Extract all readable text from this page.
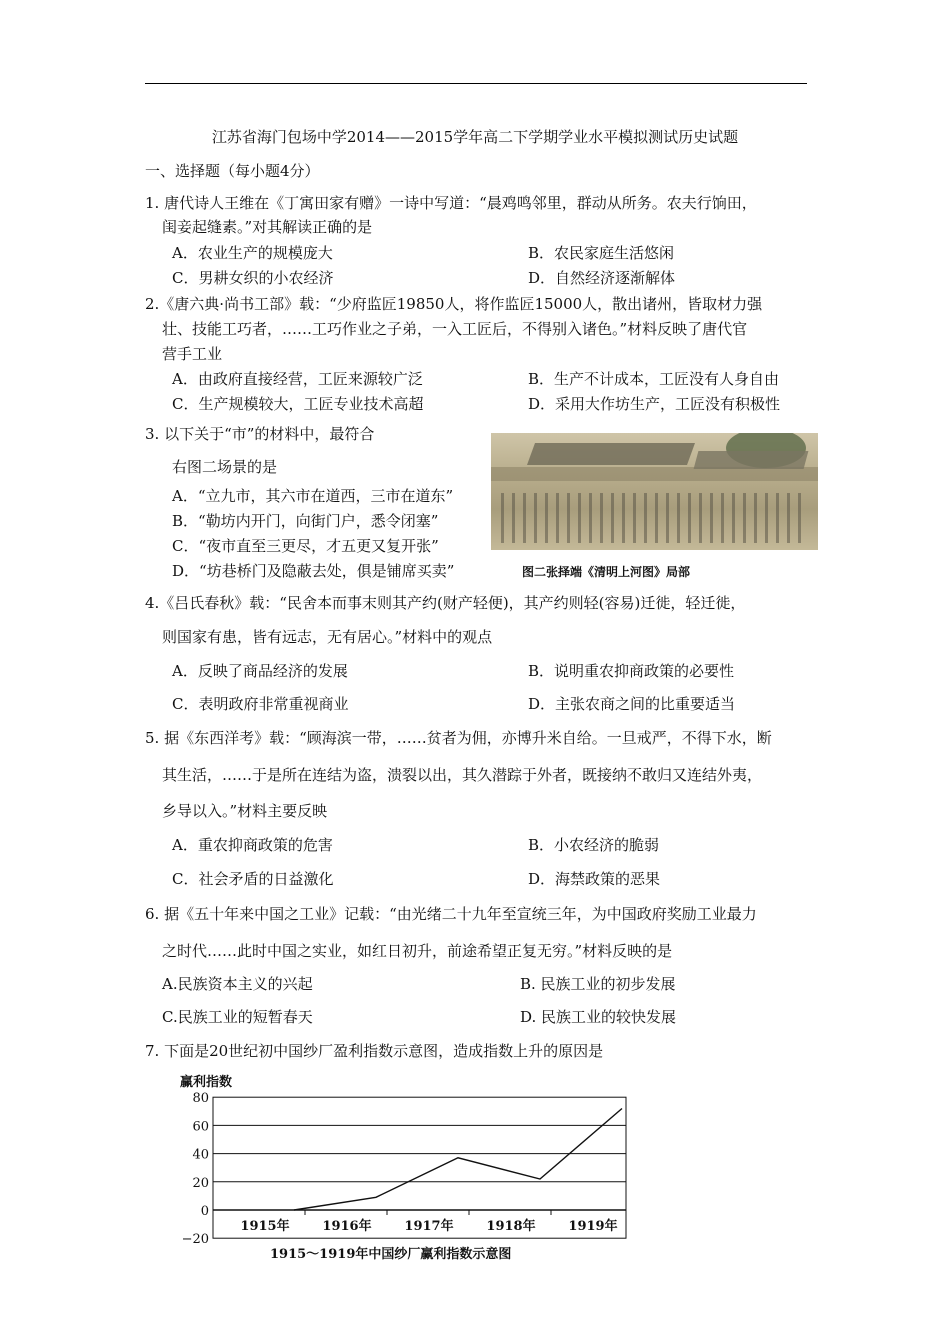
江苏省海门包场中学2014——2015学年高二下学期学业水平模拟测试历史试题
一、选择题（每小题4分）
1. 唐代诗人王维在《丁寓田家有赠》一诗中写道：“晨鸡鸣邻里，群动从所务。农夫行饷田，
闺妾起缝素。”对其解读正确的是
A．农业生产的规模庞大	B．农民家庭生活悠闲
C．男耕女织的小农经济	D．自然经济逐渐解体
2.《唐六典·尚书工部》载：“少府监匠19850人，将作监匠15000人，散出诸州，皆取材力强
壮、技能工巧者，……工巧作业之子弟，一入工匠后，不得别入诸色。”材料反映了唐代官
营手工业
A．由政府直接经营，工匠来源较广泛	B．生产不计成本，工匠没有人身自由
C．生产规模较大，工匠专业技术高超	D．采用大作坊生产，工匠没有积极性
3. 以下关于“市”的材料中，最符合
右图二场景的是
A．“立九市，其六市在道西，三市在道东”
B．“勒坊内开门，向街门户，悉令闭塞”
C．“夜市直至三更尽，才五更又复开张”
D．“坊巷桥门及隐蔽去处，俱是铺席买卖”	图二张择端《清明上河图》局部
4.《吕氏春秋》载：“民舍本而事末则其产约(财产轻便)，其产约则轻(容易)迁徙，轻迁徙，
则国家有患，皆有远志，无有居心。”材料中的观点
A．反映了商品经济的发展	B．说明重农抑商政策的必要性
C．表明政府非常重视商业	D．主张农商之间的比重要适当
5. 据《东西洋考》载：“顾海滨一带，……贫者为佣，亦博升米自给。一旦戒严，不得下水，断
其生活，……于是所在连结为盗，溃裂以出，其久潜踪于外者，既接纳不敢归又连结外夷，
乡导以入。”材料主要反映
A．重农抑商政策的危害	B．小农经济的脆弱
C．社会矛盾的日益激化	D．海禁政策的恶果
6. 据《五十年来中国之工业》记载：“由光绪二十九年至宣统三年，为中国政府奖励工业最力
之时代……此时中国之实业，如红日初升，前途希望正复无穷。”材料反映的是
A.民族资本主义的兴起	B. 民族工业的初步发展
C.民族工业的短暂春天	D. 民族工业的较快发展
7. 下面是20世纪初中国纱厂盈利指数示意图，造成指数上升的原因是
赢利指数
80
60
40
20
0
−20
1915年	1916年	1917年	1918年	1919年
1915～1919年中国纱厂赢利指数示意图
